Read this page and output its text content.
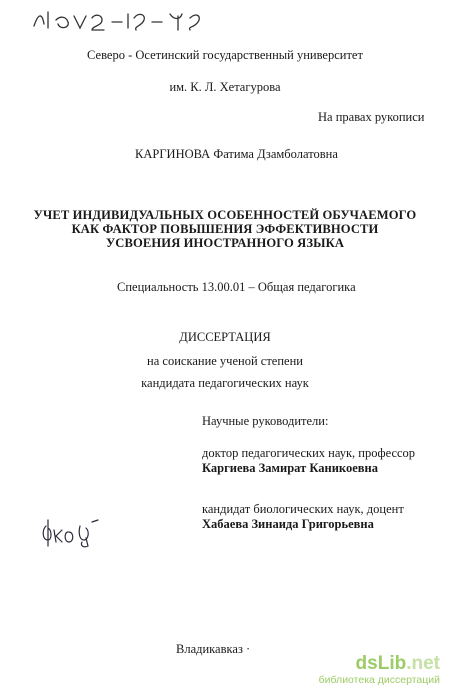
Северо - Осетинский государственный университет
им. К. Л. Хетагурова
На правах рукописи
КАРГИНОВА Фатима Дзамболатовна
УЧЕТ ИНДИВИДУАЛЬНЫХ ОСОБЕННОСТЕЙ ОБУЧАЕМОГО
КАК ФАКТОР ПОВЫШЕНИЯ ЭФФЕКТИВНОСТИ
УСВОЕНИЯ ИНОСТРАННОГО ЯЗЫКА
Специальность 13.00.01 – Общая педагогика
ДИССЕРТАЦИЯ
на соискание ученой степени
кандидата педагогических наук
Научные руководители:
доктор педагогических наук, профессор
Каргиева Замират Каникоевна
кандидат биологических наук, доцент
Хабаева Зинаида Григорьевна
Владикавказ ·
dsLib.net
библиотека диссертаций
